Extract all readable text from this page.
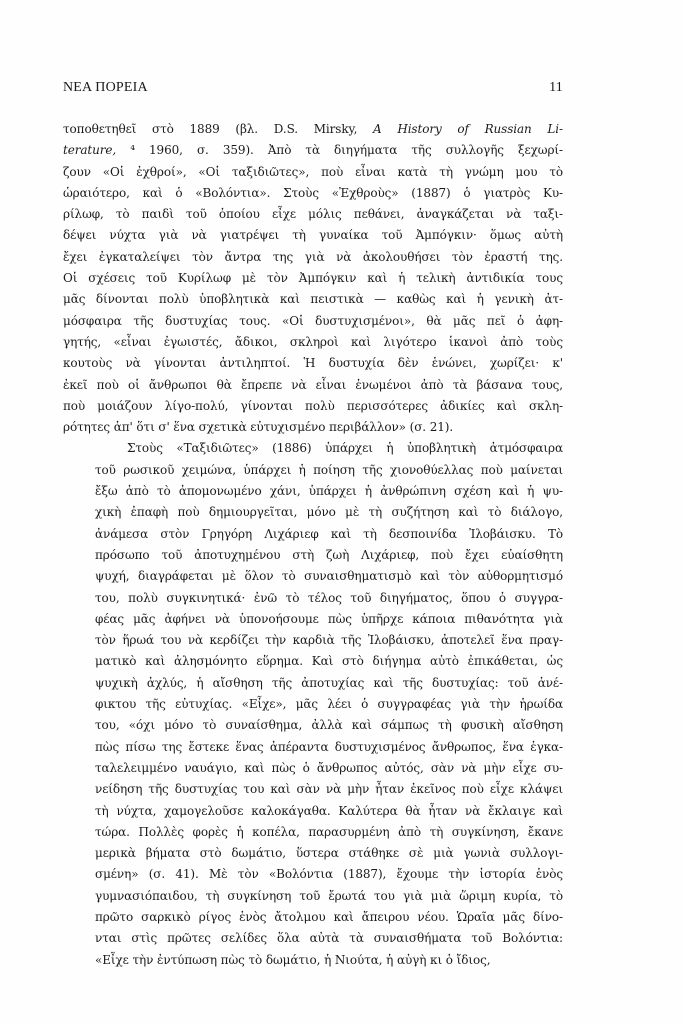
ΝΕΑ ΠΟΡΕΙΑ	11

τοποθετηθεῖ στὸ 1889 (βλ. D.S. Mirsky, A History of Russian Li-
terature, ⁴ 1960, σ. 359). Ἀπὸ τὰ διηγήματα τῆς συλλογῆς ξεχωρί-
ζουν «Οἱ ἐχθροί», «Οἱ ταξιδιῶτες», ποὺ εἶναι κατὰ τὴ γνώμη μου τὸ
ὡραιότερο, καὶ ὁ «Βολόντια». Στοὺς «Ἐχθροὺς» (1887) ὁ γιατρὸς Κυ-
ρίλωφ, τὸ παιδὶ τοῦ ὁποίου εἶχε μόλις πεθάνει, ἀναγκάζεται νὰ ταξι-
δέψει νύχτα γιὰ νὰ γιατρέψει τὴ γυναίκα τοῦ Ἀμπόγκιν· ὅμως αὐτὴ
ἔχει ἐγκαταλείψει τὸν ἄντρα της γιὰ νὰ ἀκολουθήσει τὸν ἐραστή της.
Οἱ σχέσεις τοῦ Κυρίλωφ μὲ τὸν Ἀμπόγκιν καὶ ἡ τελικὴ ἀντιδικία τους
μᾶς δίνονται πολὺ ὑποβλητικὰ καὶ πειστικὰ — καθὼς καὶ ἡ γενικὴ ἀτ-
μόσφαιρα τῆς δυστυχίας τους. «Οἱ δυστυχισμένοι», θὰ μᾶς πεῖ ὁ ἀφη-
γητής, «εἶναι ἐγωιστές, ἄδικοι, σκληροὶ καὶ λιγότερο ἱκανοὶ ἀπὸ τοὺς
κουτοὺς νὰ γίνονται ἀντιληπτοί. Ἡ δυστυχία δὲν ἑνώνει, χωρίζει· κ'
ἐκεῖ ποὺ οἱ ἄνθρωποι θὰ ἔπρεπε νὰ εἶναι ἑνωμένοι ἀπὸ τὰ βάσανα τους,
ποὺ μοιάζουν λίγο-πολύ, γίνονται πολὺ περισσότερες ἀδικίες καὶ σκλη-
ρότητες ἀπ' ὅτι σ' ἕνα σχετικὰ εὐτυχισμένο περιβάλλον» (σ. 21).

Στοὺς «Ταξιδιῶτες» (1886) ὑπάρχει ἡ ὑποβλητικὴ ἀτμόσφαιρα
τοῦ ρωσικοῦ χειμώνα, ὑπάρχει ἡ ποίηση τῆς χιονοθύελλας ποὺ μαίνεται
ἔξω ἀπὸ τὸ ἀπομονωμένο χάνι, ὑπάρχει ἡ ἀνθρώπινη σχέση καὶ ἡ ψυ-
χικὴ ἐπαφὴ ποὺ δημιουργεῖται, μόνο μὲ τὴ συζήτηση καὶ τὸ διάλογο,
ἀνάμεσα στὸν Γρηγόρη Λιχάριεφ καὶ τὴ δεσποινίδα Ἰλοβάισκυ. Τὸ
πρόσωπο τοῦ ἀποτυχημένου στὴ ζωὴ Λιχάριεφ, ποὺ ἔχει εὐαίσθητη
ψυχή, διαγράφεται μὲ ὅλον τὸ συναισθηματισμὸ καὶ τὸν αὐθορμητισμό
του, πολὺ συγκινητικά· ἐνῶ τὸ τέλος τοῦ διηγήματος, ὅπου ὁ συγγρα-
φέας μᾶς ἀφήνει νὰ ὑπονοήσουμε πὼς ὑπῆρχε κάποια πιθανότητα γιὰ
τὸν ἥρωά του νὰ κερδίζει τὴν καρδιὰ τῆς Ἰλοβάισκυ, ἀποτελεῖ ἕνα πραγ-
ματικὸ καὶ ἀλησμόνητο εὕρημα. Καὶ στὸ διήγημα αὐτὸ ἐπικάθεται, ὡς
ψυχικὴ ἀχλύς, ἡ αἴσθηση τῆς ἀποτυχίας καὶ τῆς δυστυχίας: τοῦ ἀνέ-
φικτου τῆς εὐτυχίας. «Εἶχε», μᾶς λέει ὁ συγγραφέας γιὰ τὴν ἡρωίδα
του, «όχι μόνο τὸ συναίσθημα, ἀλλὰ καὶ σάμπως τὴ φυσικὴ αἴσθηση
πὼς πίσω της ἔστεκε ἕνας ἀπέραντα δυστυχισμένος ἄνθρωπος, ἕνα ἐγκα-
ταλελειμμένο ναυάγιο, καὶ πὼς ὁ ἄνθρωπος αὐτός, σὰν νὰ μὴν εἶχε συ-
νείδηση τῆς δυστυχίας του καὶ σὰν νὰ μὴν ἦταν ἐκεῖνος ποὺ εἶχε κλάψει
τὴ νύχτα, χαμογελοῦσε καλοκάγαθα. Καλύτερα θὰ ἦταν νὰ ἔκλαιγε καὶ
τώρα. Πολλὲς φορὲς ἡ κοπέλα, παρασυρμένη ἀπὸ τὴ συγκίνηση, ἔκανε
μερικὰ βήματα στὸ δωμάτιο, ὕστερα στάθηκε σὲ μιὰ γωνιὰ συλλογι-
σμένη» (σ. 41). Μὲ τὸν «Βολόντια (1887), ἔχουμε τὴν ἱστορία ἑνὸς
γυμνασιόπαιδου, τὴ συγκίνηση τοῦ ἔρωτά του γιὰ μιὰ ὥριμη κυρία, τὸ
πρῶτο σαρκικὸ ρίγος ἑνὸς ἄτολμου καὶ ἄπειρου νέου. Ὡραῖα μᾶς δίνο-
νται στὶς πρῶτες σελίδες ὅλα αὐτὰ τὰ συναισθήματα τοῦ Βολόντια:
«Εἶχε τὴν ἐντύπωση πὼς τὸ δωμάτιο, ἡ Νιούτα, ἡ αὐγὴ κι ὁ ἴδιος,
